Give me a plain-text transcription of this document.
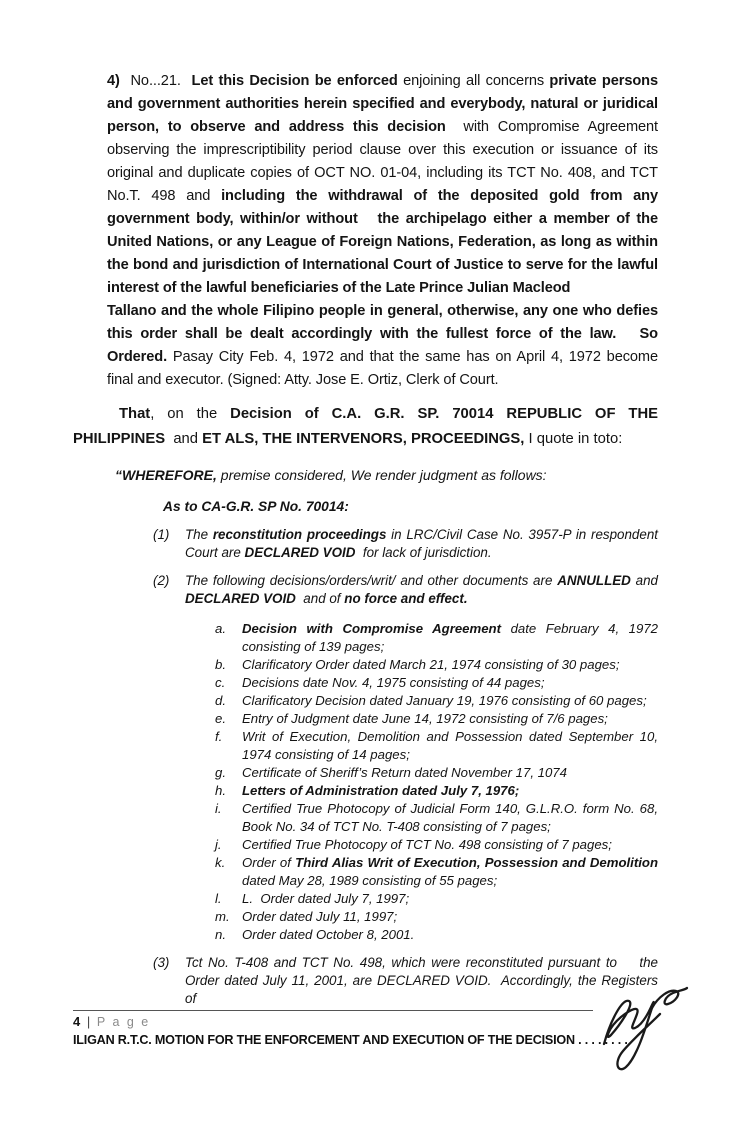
4)  No...21.  Let this Decision be enforced enjoining all concerns private persons and government authorities herein specified and everybody, natural or juridical person, to observe and address this decision  with Compromise Agreement observing the imprescriptibility period clause over this execution or issuance of its original and duplicate copies of OCT NO. 01-04, including its TCT No. 408, and TCT No.T. 498 and including the withdrawal of the deposited gold from any government body, within/or without   the archipelago either a member of the United Nations, or any League of Foreign Nations, Federation, as long as within the bond and jurisdiction of International Court of Justice to serve for the lawful interest of the lawful beneficiaries of the Late Prince Julian Macleod
Tallano and the whole Filipino people in general, otherwise, any one who defies this order shall be dealt accordingly with the fullest force of the law.   So Ordered. Pasay City Feb. 4, 1972 and that the same has on April 4, 1972 become final and executor. (Signed: Atty. Jose E. Ortiz, Clerk of Court.

That, on the Decision of C.A. G.R. SP. 70014 REPUBLIC OF THE PHILIPPINES  and ET ALS, THE INTERVENORS, PROCEEDINGS, I quote in toto:

“WHEREFORE, premise considered, We render judgment as follows:

As to CA-G.R. SP No. 70014:

(1)	The reconstitution proceedings in LRC/Civil Case No. 3957-P in respondent Court are DECLARED VOID  for lack of jurisdiction.
(2)	The following decisions/orders/writ/ and other documents are ANNULLED and DECLARED VOID  and of no force and effect.
a.	Decision with Compromise Agreement date February 4, 1972 consisting of 139 pages;
b.	Clarificatory Order dated March 21, 1974 consisting of 30 pages;
c.	Decisions date Nov. 4, 1975 consisting of 44 pages;
d.	Clarificatory Decision dated January 19, 1976 consisting of 60 pages;
e.	Entry of Judgment date June 14, 1972 consisting of 7/6 pages;
f.	Writ of Execution, Demolition and Possession dated September 10, 1974 consisting of 14 pages;
g.	Certificate of Sheriff’s Return dated November 17, 1074
h.	Letters of Administration dated July 7, 1976;
i.	Certified True Photocopy of Judicial Form 140, G.L.R.O. form No. 68, Book No. 34 of TCT No. T-408 consisting of 7 pages;
j.	Certified True Photocopy of TCT No. 498 consisting of 7 pages;
k.	Order of Third Alias Writ of Execution, Possession and Demolition dated May 28, 1989 consisting of 55 pages;
l.	L.  Order dated July 7, 1997;
m. Order dated July 11, 1997;
n.	Order dated October 8, 2001.
(3)	Tct No. T-408 and TCT No. 498, which were reconstituted pursuant to    the Order dated July 11, 2001, are DECLARED VOID.  Accordingly, the Registers of
4 | P a g e
ILIGAN R.T.C. MOTION FOR THE ENFORCEMENT AND EXECUTION OF THE DECISION . . . . . . . .
